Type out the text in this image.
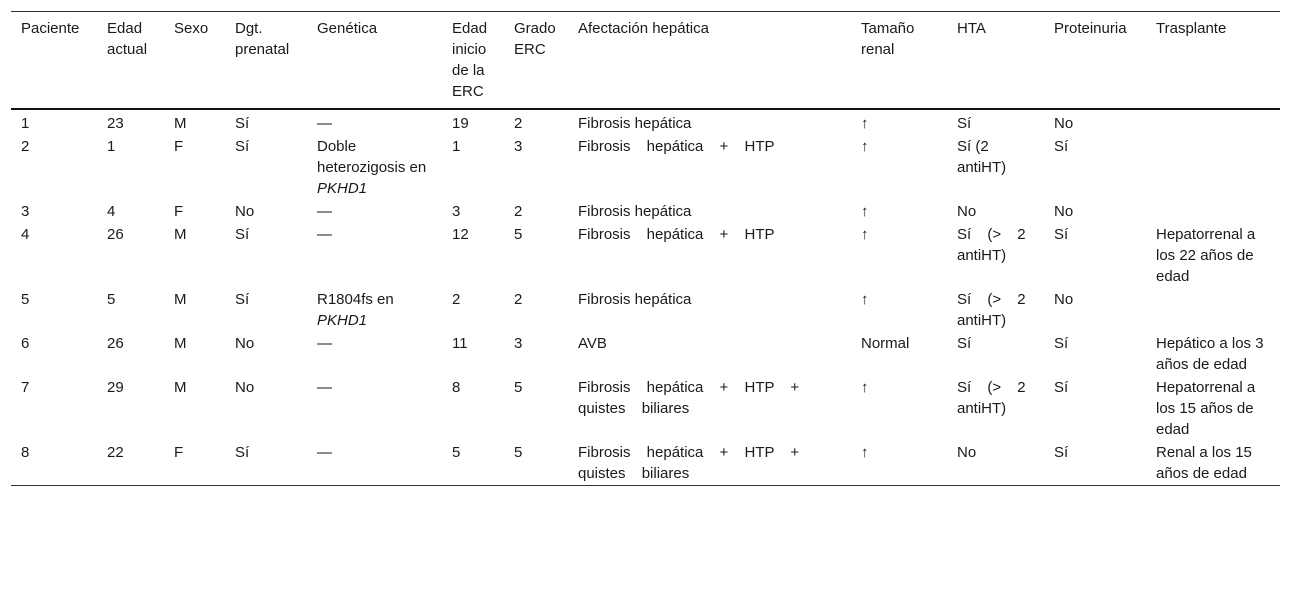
Paciente	Edad actual	Sexo	Dgt. prenatal	Genética	Edad inicio de la ERC	Grado ERC	Afectación hepática	Tamaño renal	HTA	Proteinuria	Trasplante
1	23	M	Sí	—	19	2	Fibrosis hepática	↑	Sí	No	
2	1	F	Sí	Doble heterozigosis en PKHD1	1	3	Fibrosis hepática + HTP	↑	Sí (2 antiHT)	Sí	
3	4	F	No	—	3	2	Fibrosis hepática	↑	No	No	
4	26	M	Sí	—	12	5	Fibrosis hepática + HTP	↑	Sí (> 2 antiHT)	Sí	Hepatorrenal a los 22 años de edad
5	5	M	Sí	R1804fs en PKHD1	2	2	Fibrosis hepática	↑	Sí (> 2 antiHT)	No	
6	26	M	No	—	11	3	AVB	Normal	Sí	Sí	Hepático a los 3 años de edad
7	29	M	No	—	8	5	Fibrosis hepática + HTP + quistes biliares	↑	Sí (> 2 antiHT)	Sí	Hepatorrenal a los 15 años de edad
8	22	F	Sí	—	5	5	Fibrosis hepática + HTP + quistes biliares	↑	No	Sí	Renal a los 15 años de edad
